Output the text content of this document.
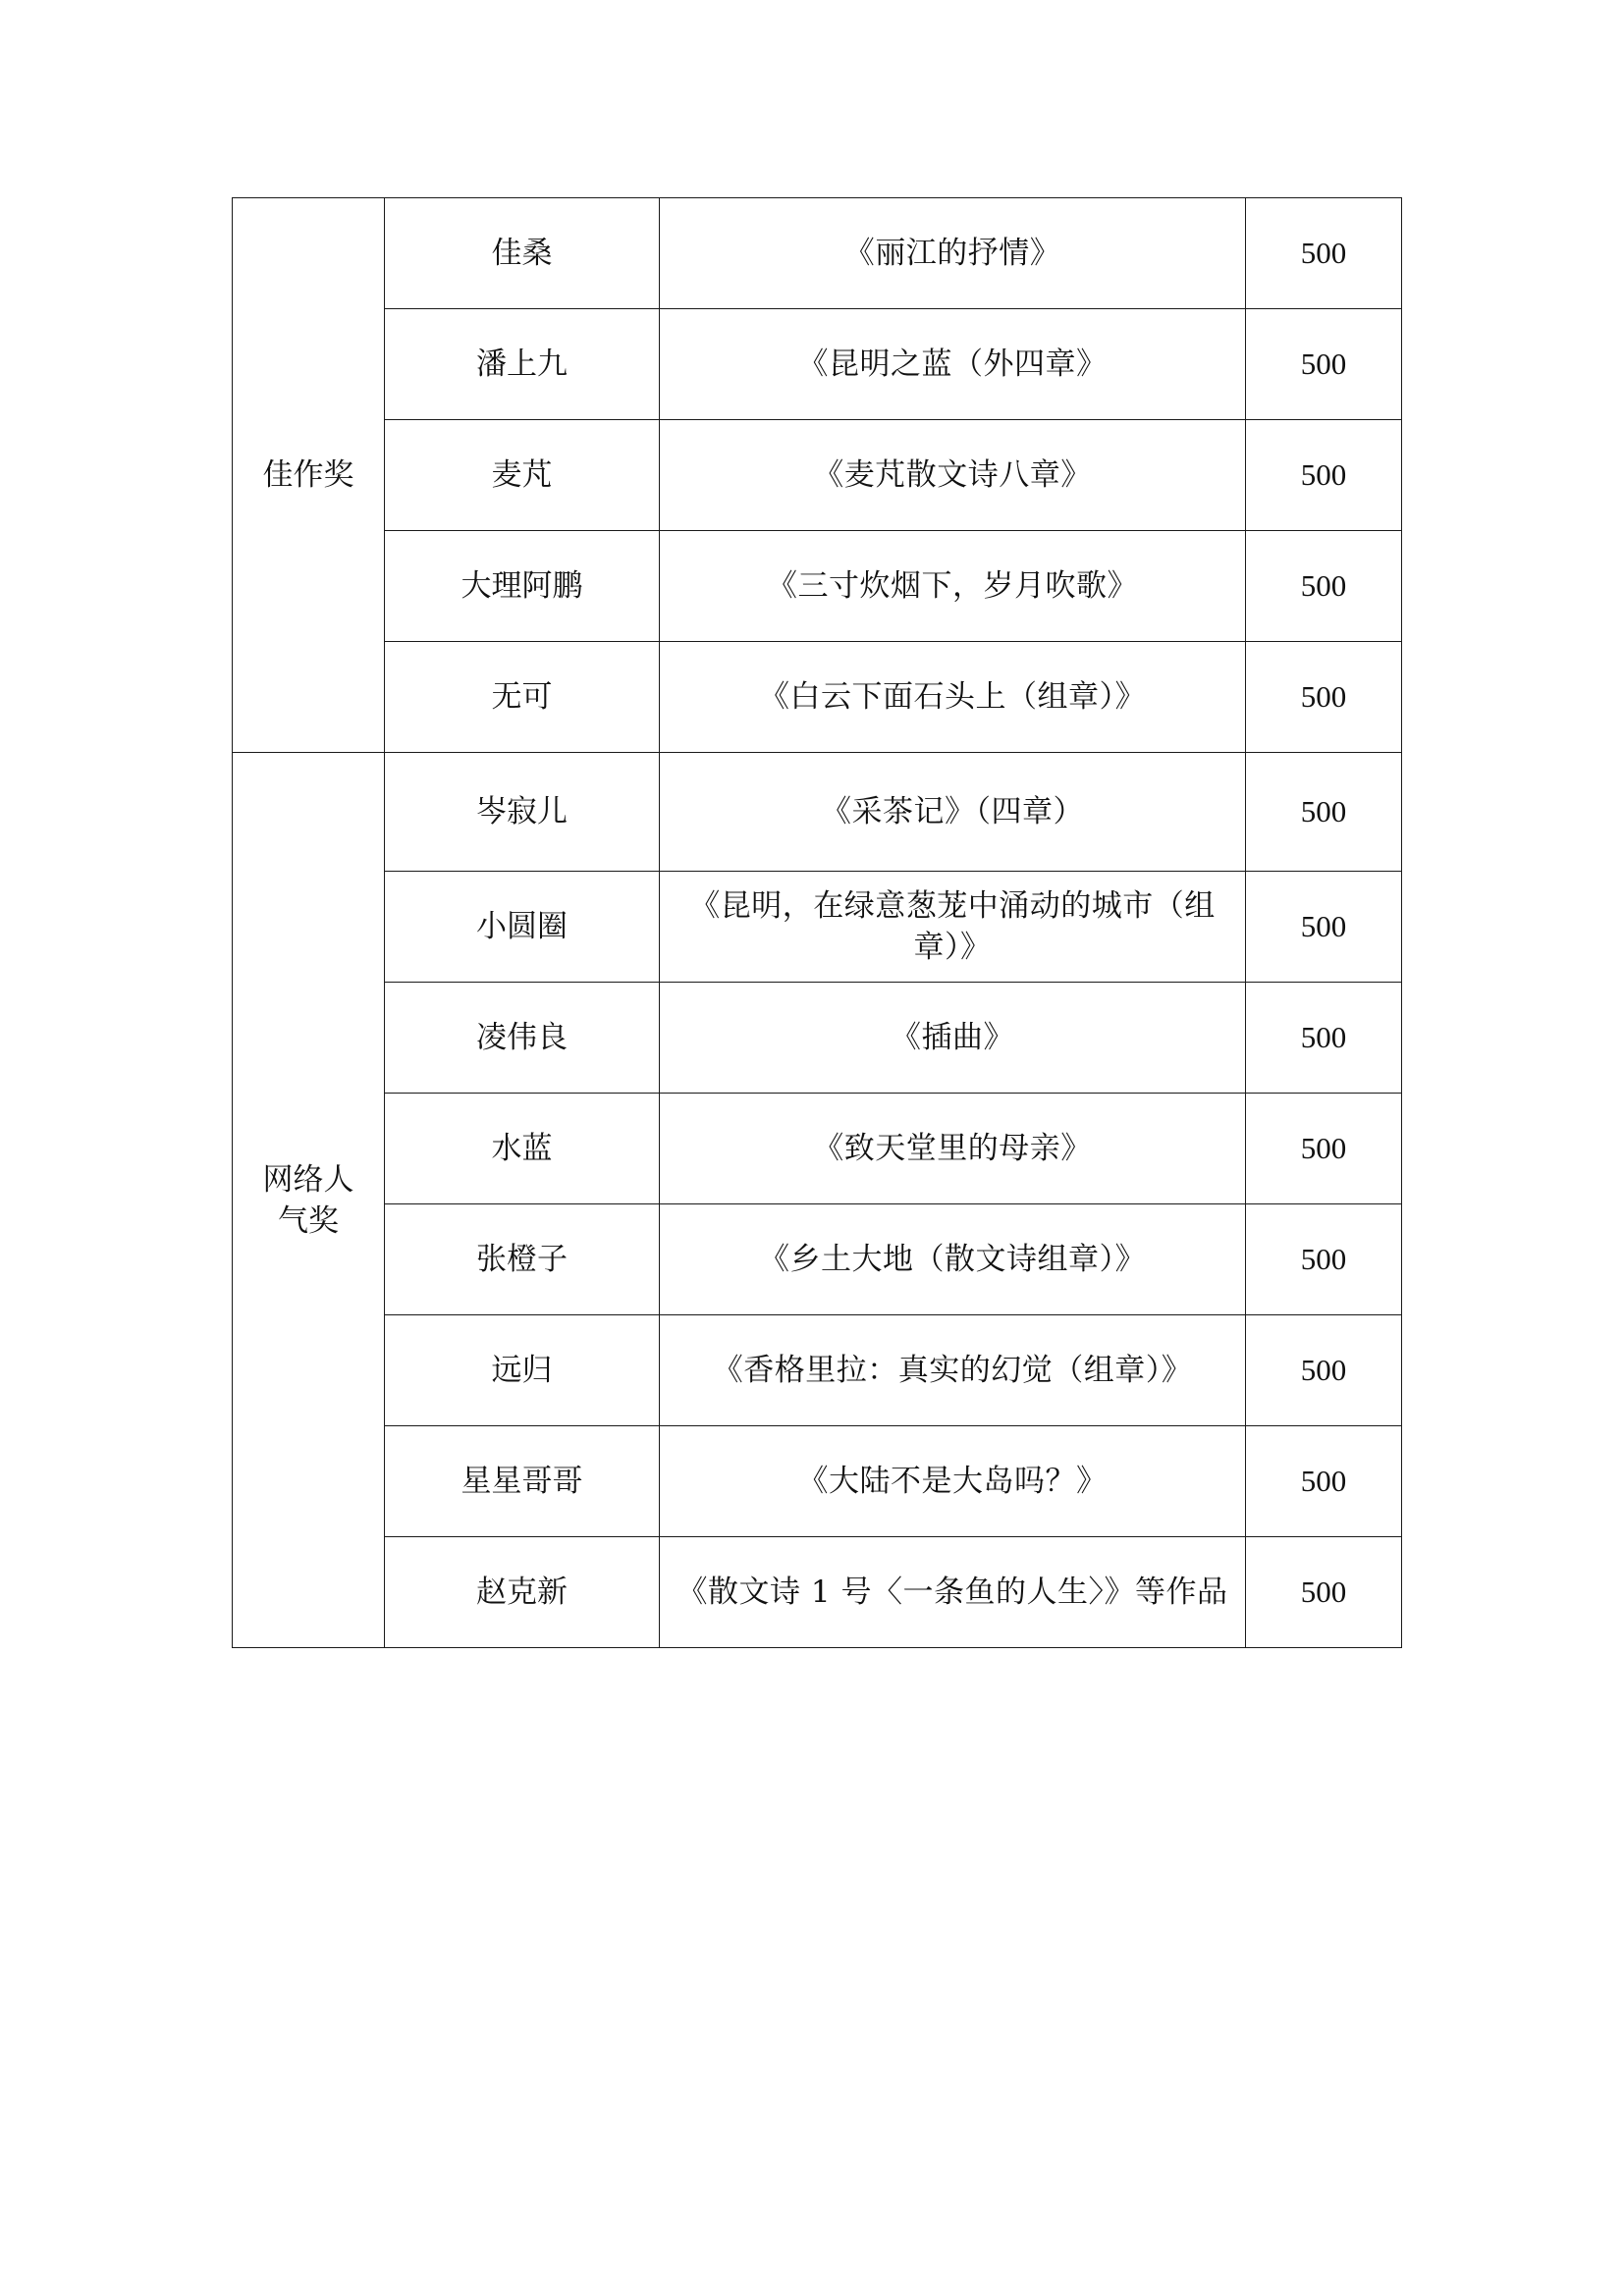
佳作奖	佳桑	《丽江的抒情》	500
	潘上九	《昆明之蓝（外四章》	500
	麦芃	《麦芃散文诗八章》	500
	大理阿鹏	《三寸炊烟下，岁月吹歌》	500
	无可	《白云下面石头上（组章）》	500
网络人气奖	岑寂儿	《采茶记》（四章）	500
	小圆圈	《昆明，在绿意葱茏中涌动的城市（组章）》	500
	凌伟良	《插曲》	500
	水蓝	《致天堂里的母亲》	500
	张橙子	《乡土大地（散文诗组章）》	500
	远归	《香格里拉：真实的幻觉（组章）》	500
	星星哥哥	《大陆不是大岛吗？》	500
	赵克新	《散文诗 1 号〈一条鱼的人生〉》等作品	500
